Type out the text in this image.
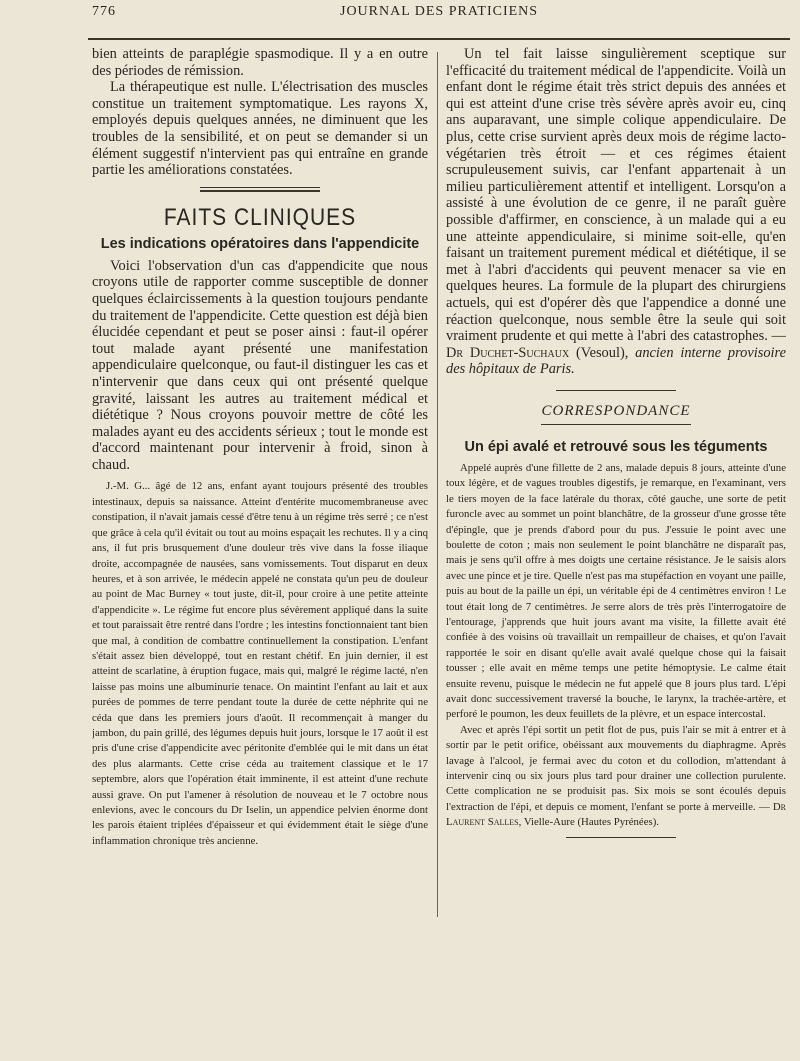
776	JOURNAL DES PRATICIENS

bien atteints de paraplégie spasmodique. Il y a en outre des périodes de rémission.

La thérapeutique est nulle. L'électrisation des muscles constitue un traitement symptomatique. Les rayons X, employés depuis quelques années, ne diminuent que les troubles de la sensibilité, et on peut se demander si un élément suggestif n'intervient pas qui entraîne en grande partie les améliorations constatées.

FAITS CLINIQUES
Les indications opératoires dans l'appendicite

Voici l'observation d'un cas d'appendicite que nous croyons utile de rapporter comme susceptible de donner quelques éclaircissements à la question toujours pendante du traitement de l'appendicite. Cette question est déjà bien élucidée cependant et peut se poser ainsi : faut-il opérer tout malade ayant présenté une manifestation appendiculaire quelconque, ou faut-il distinguer les cas et n'intervenir que dans ceux qui ont présenté quelque gravité, laissant les autres au traitement médical et diététique ? Nous croyons pouvoir mettre de côté les malades ayant eu des accidents sérieux ; tout le monde est d'accord maintenant pour intervenir à froid, sinon à chaud.

J.-M. G... âgé de 12 ans, enfant ayant toujours présenté des troubles intestinaux, depuis sa naissance. Atteint d'entérite mucomembraneuse avec constipation, il n'avait jamais cessé d'être tenu à un régime très serré ; ce n'est que grâce à cela qu'il évitait ou tout au moins espaçait les rechutes. Il y a cinq ans, il fut pris brusquement d'une douleur très vive dans la fosse iliaque droite, accompagnée de nausées, sans vomissements. Tout disparut en deux heures, et à son arrivée, le médecin appelé ne constata qu'un peu de douleur au point de Mac Burney « tout juste, dit-il, pour croire à une petite atteinte d'appendicite ». Le régime fut encore plus sévèrement appliqué dans la suite et tout paraissait être rentré dans l'ordre ; les intestins fonctionnaient tant bien que mal, à condition de combattre continuellement la constipation. L'enfant s'était assez bien développé, tout en restant chétif. En juin dernier, il est atteint de scarlatine, à éruption fugace, mais qui, malgré le régime lacté, n'en laisse pas moins une albuminurie tenace. On maintint l'enfant au lait et aux purées de pommes de terre pendant toute la durée de cette néphrite qui ne céda que dans les premiers jours d'août. Il recommençait à manger du jambon, du pain grillé, des légumes depuis huit jours, lorsque le 17 août il est pris d'une crise d'appendicite avec péritonite d'emblée qui le mit dans un état des plus alarmants. Cette crise céda au traitement classique et le 17 septembre, alors que l'opération était imminente, il est atteint d'une rechute aussi grave. On put l'amener à résolution de nouveau et le 7 octobre nous enlevions, avec le concours du Dr Iselin, un appendice pelvien énorme dont les parois étaient triplées d'épaisseur et qui évidemment était le siège d'une inflammation chronique très ancienne.

Un tel fait laisse singulièrement sceptique sur l'efficacité du traitement médical de l'appendicite. Voilà un enfant dont le régime était très strict depuis des années et qui est atteint d'une crise très sévère après avoir eu, cinq ans auparavant, une simple colique appendiculaire. De plus, cette crise survient après deux mois de régime lacto-végétarien très étroit — et ces régimes étaient scrupuleusement suivis, car l'enfant appartenait à un milieu particulièrement attentif et intelligent. Lorsqu'on a assisté à une évolution de ce genre, il ne paraît guère possible d'affirmer, en conscience, à un malade qui a eu une atteinte appendiculaire, si minime soit-elle, qu'en faisant un traitement purement médical et diététique, il se met à l'abri d'accidents qui peuvent menacer sa vie en quelques heures. La formule de la plupart des chirurgiens actuels, qui est d'opérer dès que l'appendice a donné une réaction quelconque, nous semble être la seule qui soit vraiment prudente et qui mette à l'abri des catastrophes. — Dr Duchet-Suchaux (Vesoul), ancien interne provisoire des hôpitaux de Paris.

CORRESPONDANCE
Un épi avalé et retrouvé sous les téguments

Appelé auprès d'une fillette de 2 ans, malade depuis 8 jours, atteinte d'une toux légère, et de vagues troubles digestifs, je remarque, en l'examinant, vers le tiers moyen de la face latérale du thorax, côté gauche, une sorte de petit furoncle avec au sommet un point blanchâtre, de la grosseur d'une grosse tête d'épingle, que je prends d'abord pour du pus. J'essuie le point avec une boulette de coton ; mais non seulement le point blanchâtre ne disparaît pas, mais je sens qu'il offre à mes doigts une certaine résistance. Je le saisis alors avec une pince et je tire. Quelle n'est pas ma stupéfaction en voyant une paille, puis au bout de la paille un épi, un véritable épi de 4 centimètres environ ! Le tout était long de 7 centimètres. Je serre alors de très près l'interrogatoire de l'entourage, j'apprends que huit jours avant ma visite, la fillette avait été confiée à des voisins où travaillait un rempailleur de chaises, et qu'on l'avait rapportée le soir en disant qu'elle avait avalé quelque chose qui la faisait tousser ; elle avait en même temps une petite hémoptysie. Le calme était ensuite revenu, puisque le médecin ne fut appelé que 8 jours plus tard. L'épi avait donc successivement traversé la bouche, le larynx, la trachée-artère, et perforé le poumon, les deux feuillets de la plèvre, et un espace intercostal.

Avec et après l'épi sortit un petit flot de pus, puis l'air se mit à entrer et à sortir par le petit orifice, obéissant aux mouvements du diaphragme. Après lavage à l'alcool, je fermai avec du coton et du collodion, m'attendant à intervenir cinq ou six jours plus tard pour drainer une collection purulente. Cette complication ne se produisit pas. Six mois se sont écoulés depuis l'extraction de l'épi, et depuis ce moment, l'enfant se porte à merveille. — Dr Laurent Salles, Vielle-Aure (Hautes Pyrénées).
